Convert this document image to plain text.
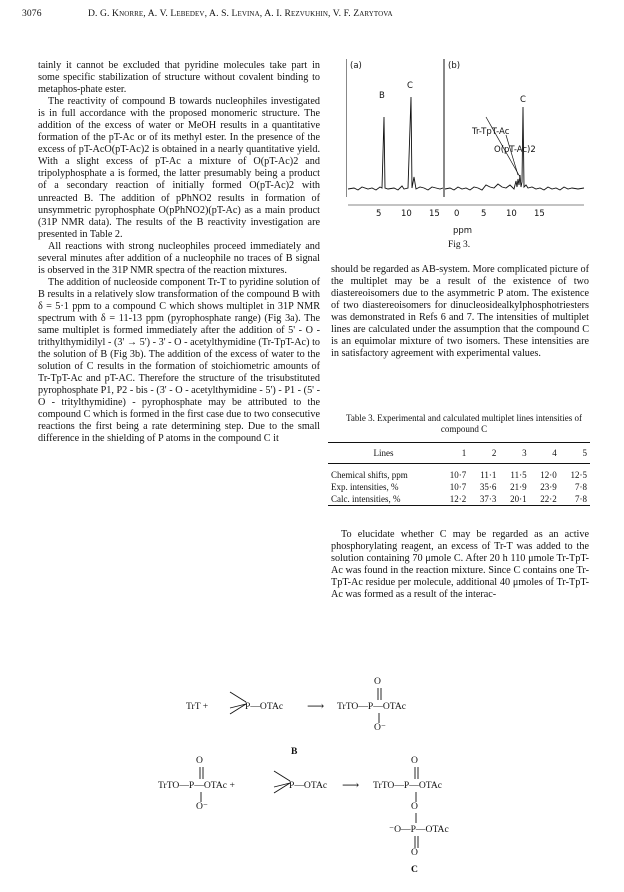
3076	D. G. Knorre, A. V. Lebedev, A. S. Levina, A. I. Rezvukhin, V. F. Zarytova

tainly it cannot be excluded that pyridine molecules take part in some specific stabilization of structure without covalent binding to metaphos-phate ester.

The reactivity of compound B towards nucleophiles investigated is in full accordance with the proposed monomeric structure. The addition of the excess of water or MeOH results in a quantitative formation of the pT-Ac or of its methyl ester. In the presence of the excess of pT-AcO(pT-Ac)2 is obtained in a nearly quantitative yield. With a slight excess of pT-Ac a mixture of O(pT-Ac)2 and tripolyphosphate a is formed, the latter presumably being a product of a secondary reaction of initially formed O(pT-Ac)2 with unreacted B. The addition of pPhNO2 results in formation of unsymmetric pyrophosphate O(pPhNO2)(pT-Ac) as a main product (31P NMR data). The results of the B reactivity investigation are presented in Table 2.

All reactions with strong nucleophiles proceed immediately and several minutes after addition of a nucleophile no traces of B signal is observed in the 31P NMR spectra of the reaction mixtures.

The addition of nucleoside component Tr-T to pyridine solution of B results in a relatively slow transformation of the compound B with δ = 5·1 ppm to a compound C which shows multiplet in 31P NMR spectrum with δ = 11-13 ppm (pyrophosphate range) (Fig 3a). The same multiplet is formed immediately after the addition of 5' - O - trithylthymidilyl - (3' → 5') - 3' - O - acetylthymidine (Tr-TpT-Ac) to the solution of B (Fig 3b). The addition of the excess of water to the solution of C results in the formation of stoichiometric amounts of Tr-TpT-Ac and pT-AC. Therefore the structure of the trisubstituted pyrophosphate P1, P2 - bis - (3' - O - acetylthymidine - 5') - P1 - (5' - O - tritylthymidine) - pyrophosphate may be attributed to the compound C which is formed in the first case due to two consecutive reactions the first being a rate determining step. Due to the small difference in the shielding of P atoms in the compound C it

(a)	(b)
B
C
C
Tr-TpT-Ac
O(pT-Ac)2
5 10 15 0	5 10 15
ppm
Fig 3.

should be regarded as AB-system. More complicated picture of the multiplet may be a result of the existence of two diastereoisomers due to the asymmetric P atom. The existence of two diastereoisomers for dinucleosidealkylphosphotriesters was demonstrated in Refs 6 and 7. The intensities of multiplet lines are calculated under the assumption that the compound C is an equimolar mixture of two isomers. These intensities are in satisfactory agreement with experimental values.

Table 3. Experimental and calculated multiplet lines intensities of compound C
Lines	1	2	3	4	5
Chemical shifts, ppm	10·7	11·1	11·5	12·0	12·5
Exp. intensities, %	10·7	35·6	21·9	23·9	7·8
Calc. intensities, %	12·2	37·3	20·1	22·2	7·8

To elucidate whether C may be regarded as an active phosphorylating reagent, an excess of Tr-T was added to the solution containing 70 μmole C. After 20 h 110 μmole Tr-TpT-Ac was found in the reaction mixture. Since C contains one Tr-TpT-Ac residue per molecule, additional 40 μmoles of Tr-TpT-Ac was formed as a result of the interac-

TrT +	P—OTAc ⟶
O
TrTO—P—OTAc
O⁻
B
O
TrTO—P—OTAc +
O⁻
P—OTAc ⟶
O
TrTO—P—OTAc
O
⁻O—P—OTAc
O
C
